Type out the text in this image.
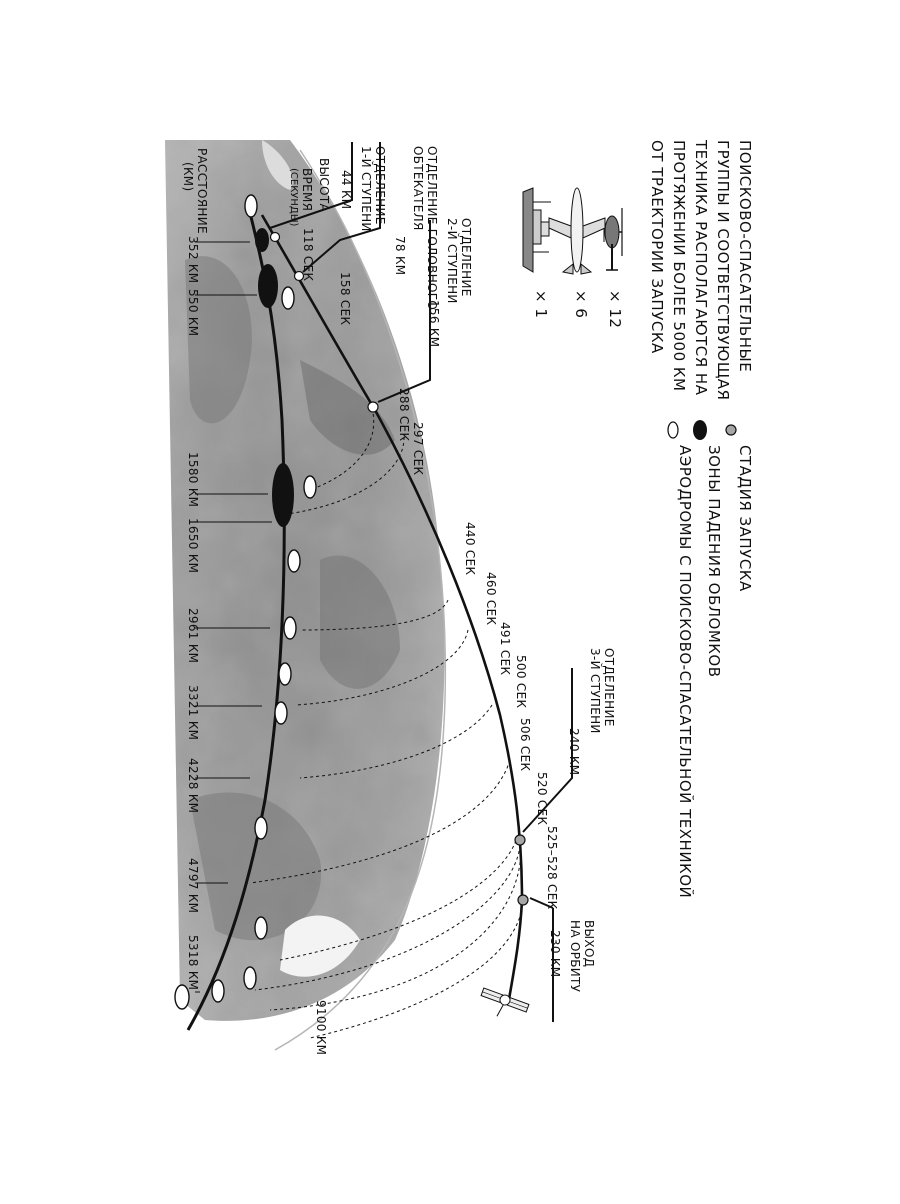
ПОИСКОВО-СПАСАТЕЛЬНЫЕ
ГРУППЫ И СООТВЕТСТВУЮЩАЯ
ТЕХНИКА РАСПОЛАГАЮТСЯ НА
ПРОТЯЖЕНИИ БОЛЕЕ 5000 КМ
ОТ ТРАЕКТОРИИ ЗАПУСКА
СТАДИЯ ЗАПУСКА
ЗОНЫ ПАДЕНИЯ ОБЛОМКОВ
АЭРОДРОМЫ С ПОИСКОВО-СПАСАТЕЛЬНОЙ ТЕХНИКОЙ
× 12
× 6
× 1
РАССТОЯНИЕ
(КМ)	ВРЕМЯ
(СЕКУНДЫ) ВЫСОТА	ОТДЕЛЕНИЕ
1-Й СТУПЕНИ
44 КМ
118 СЕК	ОТДЕЛЕНИЕ ГОЛОВНОГО
ОБТЕКАТЕЛЯ
78 КМ
158 СЕК
ОТДЕЛЕНИЕ
2-Й СТУПЕНИ
156 КМ
288 СЕК
ОТДЕЛЕНИЕ
3-Й СТУПЕНИ
240 КМ
525–528 СЕК
ВЫХОД
НА ОРБИТУ
230 КМ
297 СЕК
440 СЕК
460 СЕК
491 СЕК
500 СЕК
506 СЕК
520 СЕК
352 КМ
550 КМ
1580 КМ
1650 КМ
2961 КМ
3321 КМ
4228 КМ
4797 КМ
5318 КМ
9100 КМ
